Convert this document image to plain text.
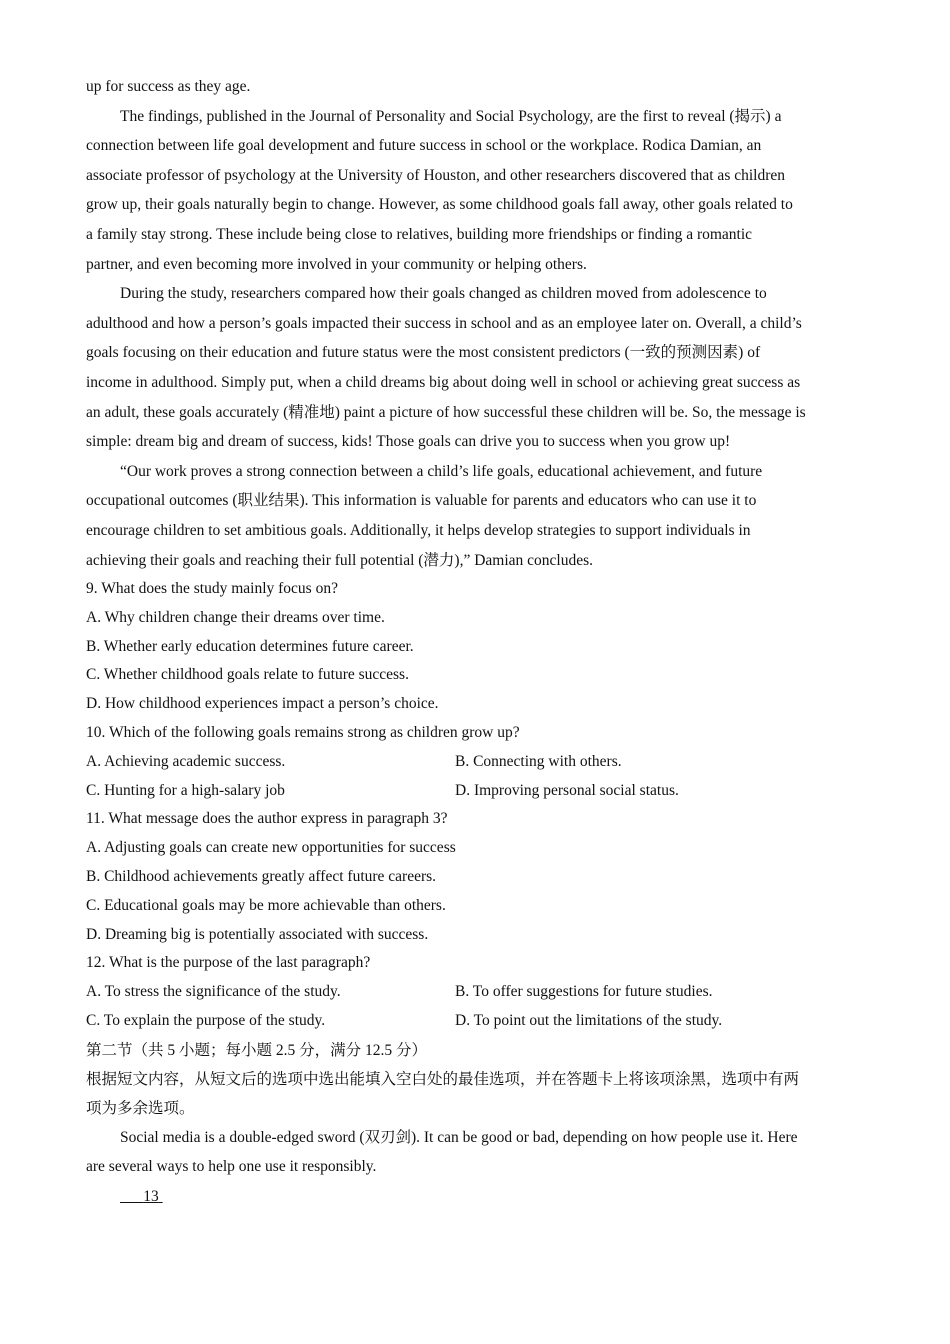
up for success as they age.
The findings, published in the Journal of Personality and Social Psychology, are the first to reveal (揭示) a
connection between life goal development and future success in school or the workplace. Rodica Damian, an
associate professor of psychology at the University of Houston, and other researchers discovered that as children
grow up, their goals naturally begin to change. However, as some childhood goals fall away, other goals related to
a family stay strong. These include being close to relatives, building more friendships or finding a romantic
partner, and even becoming more involved in your community or helping others.
During the study, researchers compared how their goals changed as children moved from adolescence to
adulthood and how a person’s goals impacted their success in school and as an employee later on. Overall, a child’s
goals focusing on their education and future status were the most consistent predictors (一致的预测因素) of
income in adulthood. Simply put, when a child dreams big about doing well in school or achieving great success as
an adult, these goals accurately (精准地) paint a picture of how successful these children will be. So, the message is
simple: dream big and dream of success, kids! Those goals can drive you to success when you grow up!
“Our work proves a strong connection between a child’s life goals, educational achievement, and future
occupational outcomes (职业结果). This information is valuable for parents and educators who can use it to
encourage children to set ambitious goals. Additionally, it helps develop strategies to support individuals in
achieving their goals and reaching their full potential (潜力),” Damian concludes.
9. What does the study mainly focus on?
A. Why children change their dreams over time.
B. Whether early education determines future career.
C. Whether childhood goals relate to future success.
D. How childhood experiences impact a person’s choice.
10. Which of the following goals remains strong as children grow up?
A. Achieving academic success.	B. Connecting with others.
C. Hunting for a high-salary job	D. Improving personal social status.
11. What message does the author express in paragraph 3?
A. Adjusting goals can create new opportunities for success
B. Childhood achievements greatly affect future careers.
C. Educational goals may be more achievable than others.
D. Dreaming big is potentially associated with success.
12. What is the purpose of the last paragraph?
A. To stress the significance of the study.	B. To offer suggestions for future studies.
C. To explain the purpose of the study.	D. To point out the limitations of the study.
第二节（共 5 小题；每小题 2.5 分，满分 12.5 分）
根据短文内容，从短文后的选项中选出能填入空白处的最佳选项，并在答题卡上将该项涂黑，选项中有两
项为多余选项。
Social media is a double-edged sword (双刃剑). It can be good or bad, depending on how people use it. Here
are several ways to help one use it responsibly.
13
